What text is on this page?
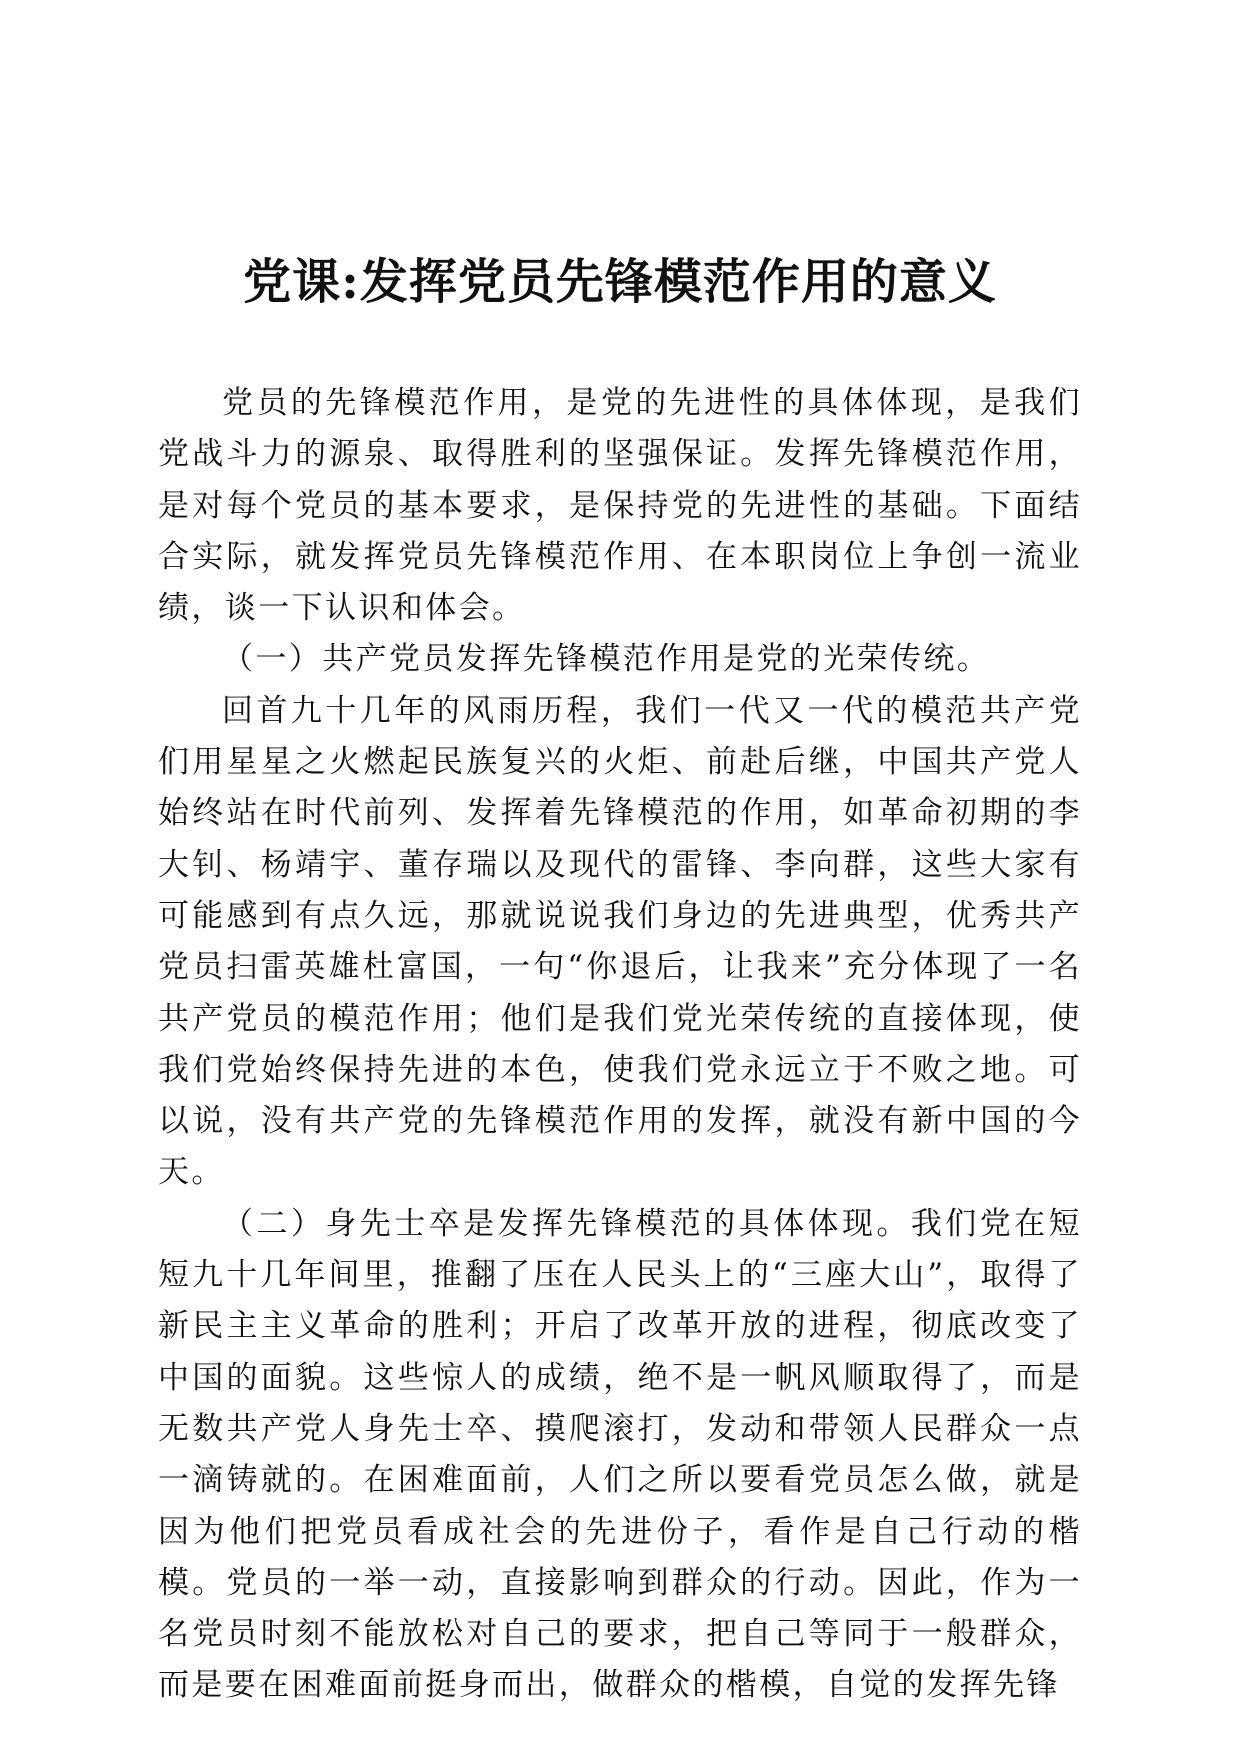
党课:发挥党员先锋模范作用的意义

党员的先锋模范作用，是党的先进性的具体体现，是我们党战斗力的源泉、取得胜利的坚强保证。发挥先锋模范作用，是对每个党员的基本要求，是保持党的先进性的基础。下面结合实际，就发挥党员先锋模范作用、在本职岗位上争创一流业绩，谈一下认识和体会。

（一）共产党员发挥先锋模范作用是党的光荣传统。

回首九十几年的风雨历程，我们一代又一代的模范共产党们用星星之火燃起民族复兴的火炬、前赴后继，中国共产党人始终站在时代前列、发挥着先锋模范的作用，如革命初期的李大钊、杨靖宇、董存瑞以及现代的雷锋、李向群，这些大家有可能感到有点久远，那就说说我们身边的先进典型，优秀共产党员扫雷英雄杜富国，一句“你退后，让我来”充分体现了一名共产党员的模范作用；他们是我们党光荣传统的直接体现，使我们党始终保持先进的本色，使我们党永远立于不败之地。可以说，没有共产党的先锋模范作用的发挥，就没有新中国的今天。

（二）身先士卒是发挥先锋模范的具体体现。我们党在短短九十几年间里，推翻了压在人民头上的“三座大山”，取得了新民主主义革命的胜利；开启了改革开放的进程，彻底改变了中国的面貌。这些惊人的成绩，绝不是一帆风顺取得了，而是无数共产党人身先士卒、摸爬滚打，发动和带领人民群众一点一滴铸就的。在困难面前，人们之所以要看党员怎么做，就是因为他们把党员看成社会的先进份子，看作是自己行动的楷模。党员的一举一动，直接影响到群众的行动。因此，作为一名党员时刻不能放松对自己的要求，把自己等同于一般群众，而是要在困难面前挺身而出，做群众的楷模，自觉的发挥先锋
